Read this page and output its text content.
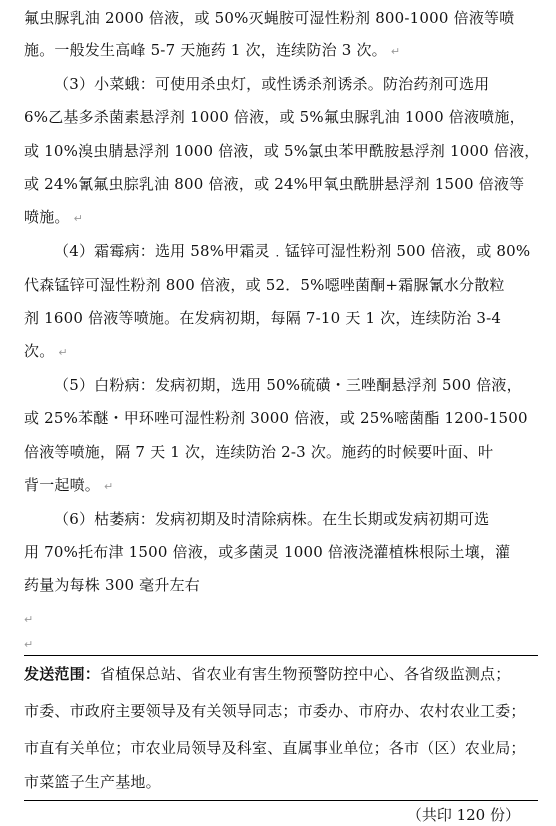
氟虫脲乳油 2000 倍液，或 50%灭蝇胺可湿性粉剂 800-1000 倍液等喷
施。一般发生高峰 5-7 天施药 1 次，连续防治 3 次。 ↵
（3）小菜蛾：可使用杀虫灯，或性诱杀剂诱杀。防治药剂可选用
6%乙基多杀菌素悬浮剂 1000 倍液，或 5%氟虫脲乳油 1000 倍液喷施，
或 10%溴虫腈悬浮剂 1000 倍液，或 5%氯虫苯甲酰胺悬浮剂 1000 倍液，
或 24%氰氟虫腙乳油 800 倍液，或 24%甲氧虫酰肼悬浮剂 1500 倍液等
喷施。 ↵
（4）霜霉病：选用 58%甲霜灵﹒锰锌可湿性粉剂 500 倍液，或 80%
代森锰锌可湿性粉剂 800 倍液，或 52．5%噁唑菌酮+霜脲氰水分散粒
剂 1600 倍液等喷施。在发病初期，每隔 7-10 天 1 次，连续防治 3-4
次。 ↵
（5）白粉病：发病初期，选用 50%硫磺・三唑酮悬浮剂 500 倍液，
或 25%苯醚・甲环唑可湿性粉剂 3000 倍液，或 25%嘧菌酯 1200-1500
倍液等喷施，隔 7 天 1 次，连续防治 2-3 次。施药的时候要叶面、叶
背一起喷。 ↵
（6）枯萎病：发病初期及时清除病株。在生长期或发病初期可选
用 70%托布津 1500 倍液，或多菌灵 1000 倍液浇灌植株根际土壤，灌
药量为每株 300 毫升左右
↵
↵
发送范围：省植保总站、省农业有害生物预警防控中心、各省级监测点；
市委、市政府主要领导及有关领导同志；市委办、市府办、农村农业工委；
市直有关单位；市农业局领导及科室、直属事业单位；各市（区）农业局；
市菜篮子生产基地。
（共印 120 份）
